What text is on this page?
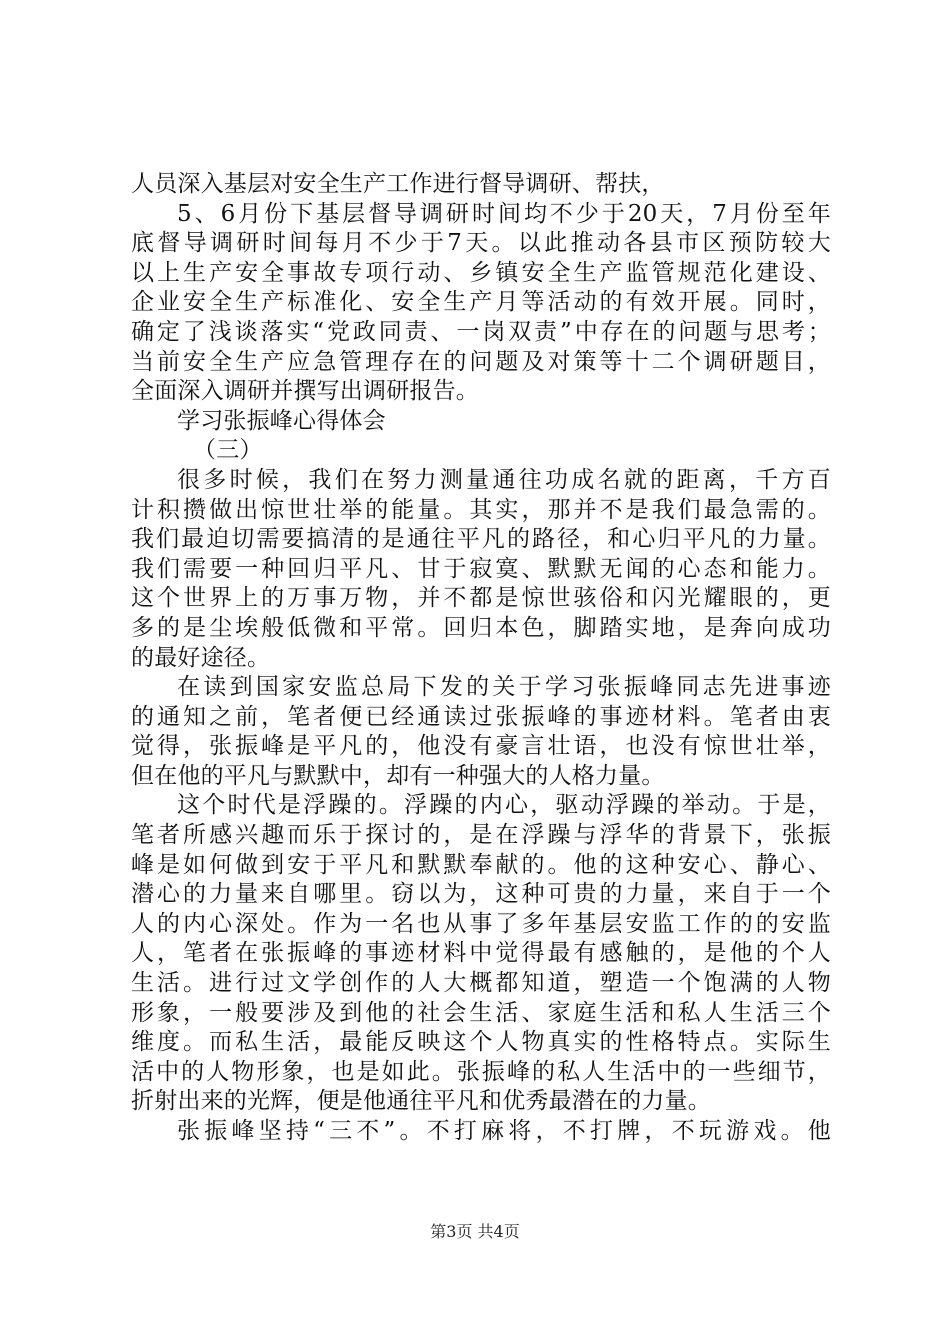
人员深入基层对安全生产工作进行督导调研、帮扶，
5、6月份下基层督导调研时间均不少于20天，7月份至年
底督导调研时间每月不少于7天。以此推动各县市区预防较大
以上生产安全事故专项行动、乡镇安全生产监管规范化建设、
企业安全生产标准化、安全生产月等活动的有效开展。同时，
确定了浅谈落实“党政同责、一岗双责”中存在的问题与思考；
当前安全生产应急管理存在的问题及对策等十二个调研题目，
全面深入调研并撰写出调研报告。
学习张振峰心得体会
（三）
很多时候，我们在努力测量通往功成名就的距离，千方百
计积攒做出惊世壮举的能量。其实，那并不是我们最急需的。
我们最迫切需要搞清的是通往平凡的路径，和心归平凡的力量。
我们需要一种回归平凡、甘于寂寞、默默无闻的心态和能力。
这个世界上的万事万物，并不都是惊世骇俗和闪光耀眼的，更
多的是尘埃般低微和平常。回归本色，脚踏实地，是奔向成功
的最好途径。
在读到国家安监总局下发的关于学习张振峰同志先进事迹
的通知之前，笔者便已经通读过张振峰的事迹材料。笔者由衷
觉得，张振峰是平凡的，他没有豪言壮语，也没有惊世壮举，
但在他的平凡与默默中，却有一种强大的人格力量。
这个时代是浮躁的。浮躁的内心，驱动浮躁的举动。于是，
笔者所感兴趣而乐于探讨的，是在浮躁与浮华的背景下，张振
峰是如何做到安于平凡和默默奉献的。他的这种安心、静心、
潜心的力量来自哪里。窃以为，这种可贵的力量，来自于一个
人的内心深处。作为一名也从事了多年基层安监工作的的安监
人，笔者在张振峰的事迹材料中觉得最有感触的，是他的个人
生活。进行过文学创作的人大概都知道，塑造一个饱满的人物
形象，一般要涉及到他的社会生活、家庭生活和私人生活三个
维度。而私生活，最能反映这个人物真实的性格特点。实际生
活中的人物形象，也是如此。张振峰的私人生活中的一些细节，
折射出来的光辉，便是他通往平凡和优秀最潜在的力量。
张振峰坚持“三不”。不打麻将，不打牌，不玩游戏。他
第3页 共4页
